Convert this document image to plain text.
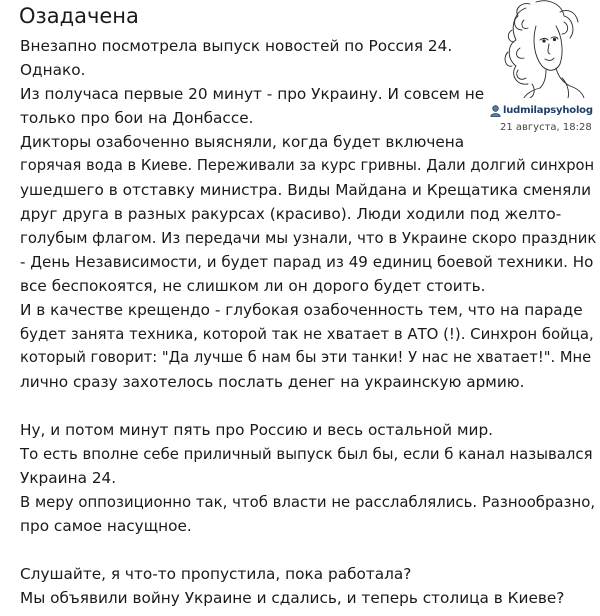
Озадачена
ludmilapsyholog
21 августа, 18:28
Внезапно посмотрела выпуск новостей по Россия 24.
Однако.
Из получаса первые 20 минут - про Украину. И совсем не
только про бои на Донбассе.
Дикторы озабоченно выясняли, когда будет включена
горячая вода в Киеве. Переживали за курс гривны. Дали долгий синхрон
ушедшего в отставку министра. Виды Майдана и Крещатика сменяли
друг друга в разных ракурсах (красиво). Люди ходили под желто-
голубым флагом. Из передачи мы узнали, что в Украине скоро праздник
- День Независимости, и будет парад из 49 единиц боевой техники. Но
все беспокоятся, не слишком ли он дорого будет стоить.
И в качестве крещендо - глубокая озабоченность тем, что на параде
будет занята техника, которой так не хватает в АТО (!). Синхрон бойца,
который говорит: "Да лучше б нам бы эти танки! У нас не хватает!". Мне
лично сразу захотелось послать денег на украинскую армию.
Ну, и потом минут пять про Россию и весь остальной мир.
То есть вполне себе приличный выпуск был бы, если б канал назывался
Украина 24.
В меру оппозиционно так, чтоб власти не расслаблялись. Разнообразно,
про самое насущное.
Слушайте, я что-то пропустила, пока работала?
Мы объявили войну Украине и сдались, и теперь столица в Киеве?
